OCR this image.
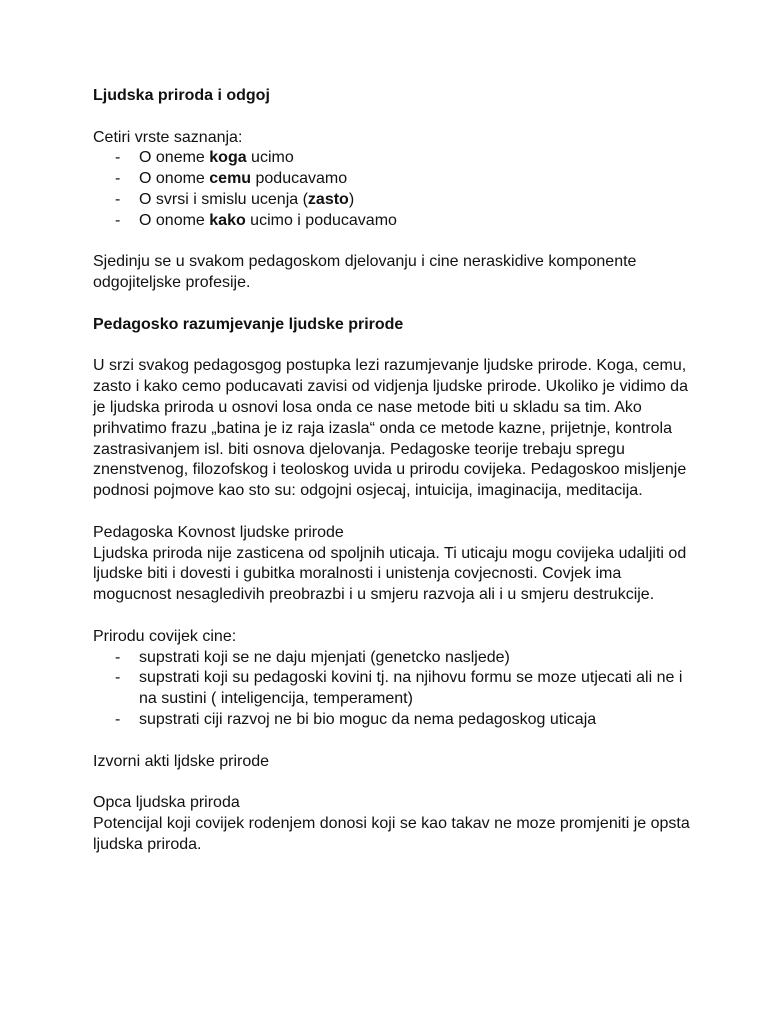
Ljudska priroda i odgoj

Cetiri vrste saznanja:

- O oneme koga ucimo
- O onome cemu poducavamo
- O svrsi i smislu ucenja (zasto)
- O onome kako ucimo i poducavamo

Sjedinju se u svakom pedagoskom djelovanju i cine neraskidive komponente odgojiteljske profesije.

Pedagosko razumjevanje ljudske prirode

U srzi svakog pedagosgog postupka lezi razumjevanje ljudske prirode. Koga, cemu, zasto i kako cemo poducavati zavisi od vidjenja ljudske prirode. Ukoliko je vidimo da je ljudska priroda u osnovi losa onda ce nase metode biti u skladu sa tim. Ako prihvatimo frazu „batina je iz raja izasla“ onda ce metode kazne, prijetnje, kontrola zastrasivanjem isl. biti osnova djelovanja. Pedagoske teorije trebaju spregu znenstvenog, filozofskog i teoloskog uvida u prirodu covijeka. Pedagoskoo misljenje podnosi pojmove kao sto su: odgojni osjecaj, intuicija, imaginacija, meditacija.

Pedagoska Kovnost ljudske prirode

Ljudska priroda nije zasticena od spoljnih uticaja. Ti uticaju mogu covijeka udaljiti od ljudske biti i dovesti i gubitka moralnosti i unistenja covjecnosti. Covjek ima mogucnost nesagledivih preobrazbi i u smjeru razvoja ali i u smjeru destrukcije.

Prirodu covijek cine:

- supstrati koji se ne daju mjenjati (genetcko nasljede)
- supstrati koji su pedagoski kovini tj. na njihovu formu se moze utjecati ali ne i na sustini ( inteligencija, temperament)
- supstrati ciji razvoj ne bi bio moguc da nema pedagoskog uticaja

Izvorni akti ljdske prirode

Opca ljudska priroda

Potencijal koji covijek rodenjem donosi koji se kao takav ne moze promjeniti je opsta ljudska priroda.
